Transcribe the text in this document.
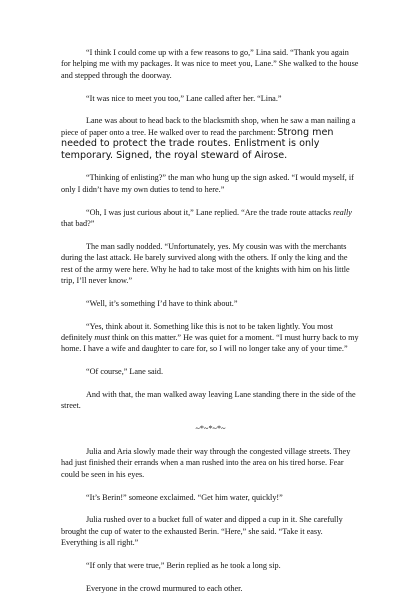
“I think I could come up with a few reasons to go,” Lina said. “Thank you again for helping me with my packages. It was nice to meet you, Lane.” She walked to the house and stepped through the doorway.

“It was nice to meet you too,” Lane called after her. “Lina.”

Lane was about to head back to the blacksmith shop, when he saw a man nailing a piece of paper onto a tree. He walked over to read the parchment: Strong men needed to protect the trade routes. Enlistment is only temporary. Signed, the royal steward of Airose.

“Thinking of enlisting?” the man who hung up the sign asked. “I would myself, if only I didn’t have my own duties to tend to here.”

“Oh, I was just curious about it,” Lane replied. “Are the trade route attacks really that bad?”

The man sadly nodded. “Unfortunately, yes. My cousin was with the merchants during the last attack. He barely survived along with the others. If only the king and the rest of the army were here. Why he had to take most of the knights with him on his little trip, I’ll never know.”

“Well, it’s something I’d have to think about.”

“Yes, think about it. Something like this is not to be taken lightly. You most definitely must think on this matter.” He was quiet for a moment. “I must hurry back to my home. I have a wife and daughter to care for, so I will no longer take any of your time.”

“Of course,” Lane said.

And with that, the man walked away leaving Lane standing there in the side of the street.

~*~*~*~

Julia and Aria slowly made their way through the congested village streets. They had just finished their errands when a man rushed into the area on his tired horse. Fear could be seen in his eyes.

“It’s Berin!” someone exclaimed. “Get him water, quickly!”

Julia rushed over to a bucket full of water and dipped a cup in it. She carefully brought the cup of water to the exhausted Berin. “Here,” she said. “Take it easy. Everything is all right.”

“If only that were true,” Berin replied as he took a long sip.

Everyone in the crowd murmured to each other.
